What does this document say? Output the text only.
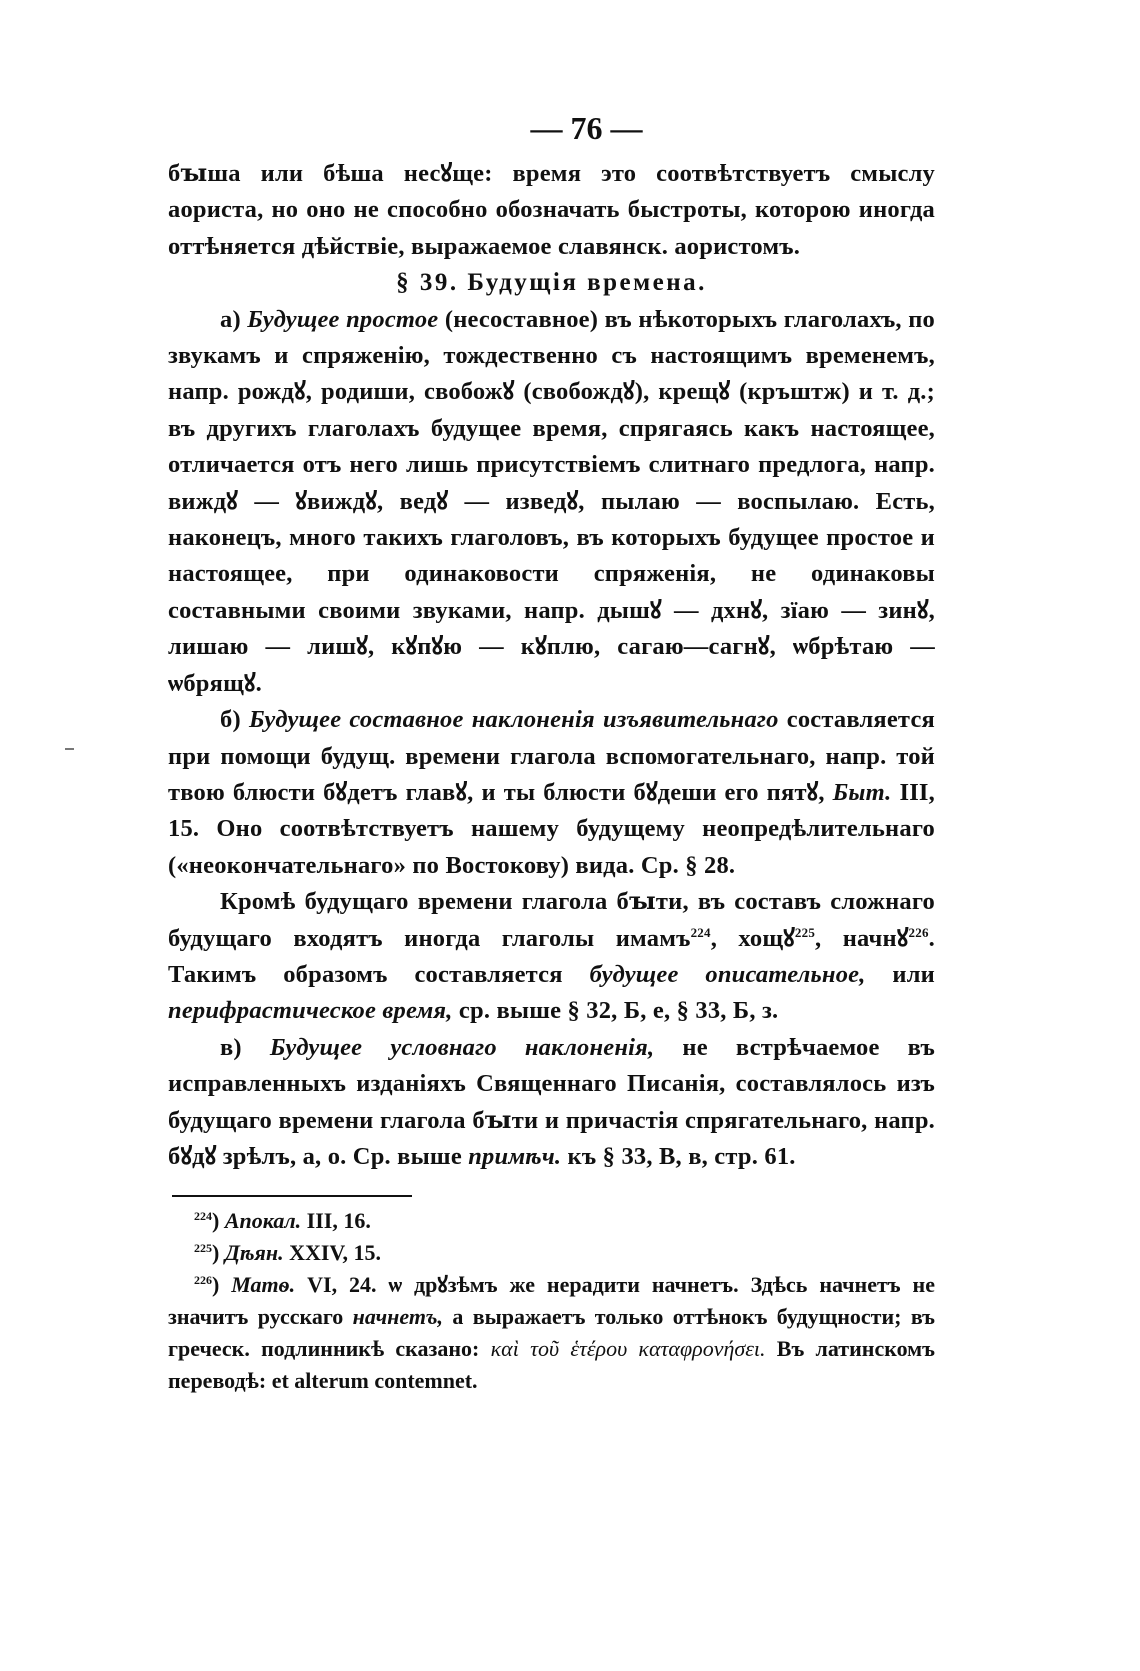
— 76 —

бꙑша или бѣша несꙋще: время это соотвѣтствуетъ смыслу аориста, но оно не способно обозначать быстроты, которою иногда оттѣняется дѣйствіе, выражаемое славянск. аористомъ.

§ 39. Будущія времена.

а) Будущее простое (несоставное) въ нѣкоторыхъ глаголахъ, по звукамъ и спряженію, тождественно съ настоящимъ временемъ, напр. рождꙋ, родиши, свобожꙋ (свобождꙋ), крещꙋ (кръштж) и т. д.; въ другихъ глаголахъ будущее время, спрягаясь какъ настоящее, отличается отъ него лишь присутствіемъ слитнаго предлога, напр. виждꙋ — ꙋвиждꙋ, ведꙋ — изведꙋ, пылаю — воспылаю. Есть, наконецъ, много такихъ глаголовъ, въ которыхъ будущее простое и настоящее, при одинаковости спряженія, не одинаковы составными своими звуками, напр. дышꙋ — дхнꙋ, зїаю — зинꙋ, лишаю — лишꙋ, кꙋпꙋю — кꙋплю, сагаю—сагнꙋ, ѡбрѣтаю — ѡбрящꙋ.

б) Будущее составное наклоненія изъявительнаго составляется при помощи будущ. времени глагола вспомогательнаго, напр. той твою блюсти бꙋдетъ главꙋ, и ты блюсти бꙋдеши его пятꙋ, Быт. III, 15. Оно соотвѣтствуетъ нашему будущему неопредѣлительнаго («неокончательнаго» по Востокову) вида. Ср. § 28.

Кромѣ будущаго времени глагола бꙑти, въ составъ сложнаго будущаго входятъ иногда глаголы имамъ$^{224}$, хощꙋ$^{225}$, начнꙋ$^{226}$. Такимъ образомъ составляется будущее описательное, или перифрастическое время, ср. выше § 32, Б, е, § 33, Б, з.

в) Будущее условнаго наклоненія, не встрѣчаемое въ исправленныхъ изданіяхъ Священнаго Писанія, составлялось изъ будущаго времени глагола бꙑти и причастія спрягательнаго, напр. бꙋдꙋ зрѣлъ, а, о. Ср. выше примѣч. къ § 33, В, в, стр. 61.

$^{224}$) Апокал. III, 16.

$^{225}$) Дѣян. XXIV, 15.

$^{226}$) Матѳ. VI, 24. ѡ дрꙋзѣмъ же нерадити начнетъ. Здѣсь начнетъ не значитъ русскаго начнетъ, а выражаетъ только оттѣнокъ будущности; въ греческ. подлинникѣ сказано: καὶ τοῦ ἑτέρου καταφρονήσει. Въ латинскомъ переводѣ: et alterum contemnet.
